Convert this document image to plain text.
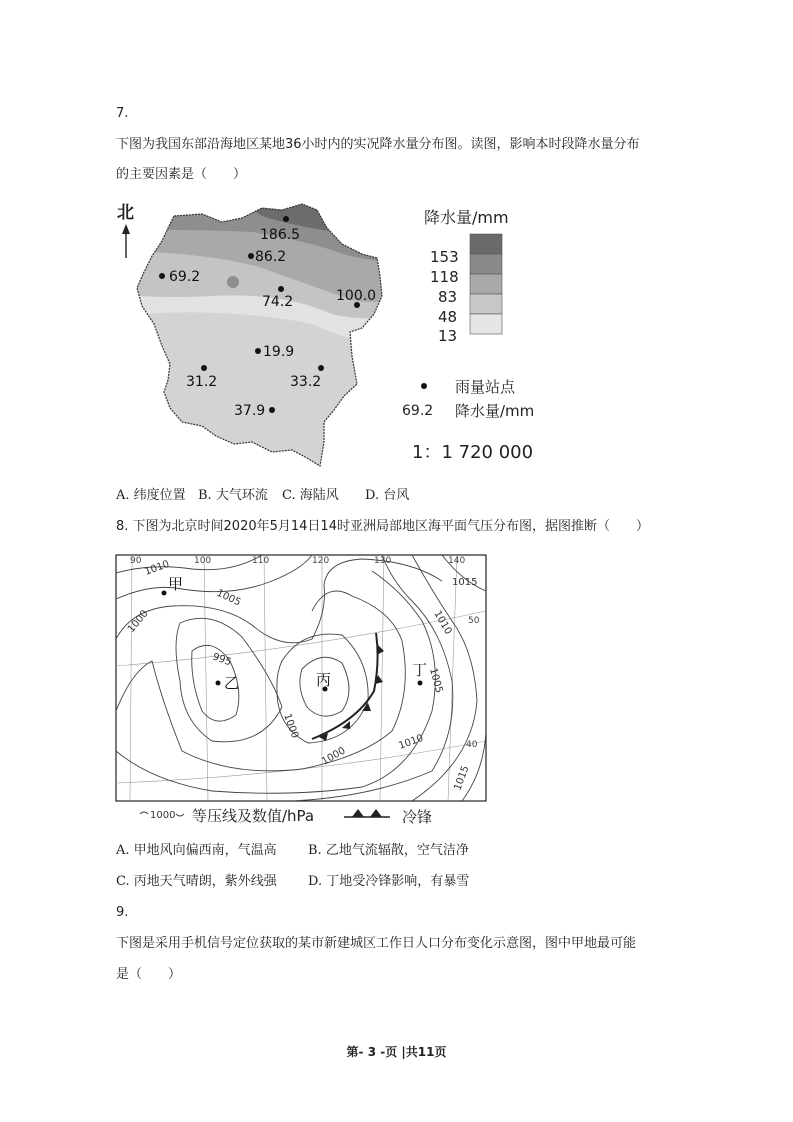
7.
下图为我国东部沿海地区某地36小时内的实况降水量分布图。读图，影响本时段降水量分布
的主要因素是（　　）
北
186.5
86.2
69.2
74.2	100.0
19.9
31.2	33.2
37.9
降水量/mm
153
118
83
48
13
雨量站点
69.2 降水量/mm
1：1 720 000
A. 纬度位置 B. 大气环流 C. 海陆风 D. 台风
8. 下图为北京时间2020年5月14日14时亚洲局部地区海平面气压分布图，据图推断（　　）
90	100	110	120	130	140
50
40
1010
1005
1000
995
1000
1000
1005
1010
1010
1015
1015
甲
乙	丙
丁
1000 等压线及数值/hPa	冷锋
A. 甲地风向偏西南，气温高 B. 乙地气流辐散，空气洁净
C. 丙地天气晴朗，紫外线强 D. 丁地受冷锋影响，有暴雪
9.
下图是采用手机信号定位获取的某市新建城区工作日人口分布变化示意图，图中甲地最可能
是（　　）
第- 3 -页 |共11页
